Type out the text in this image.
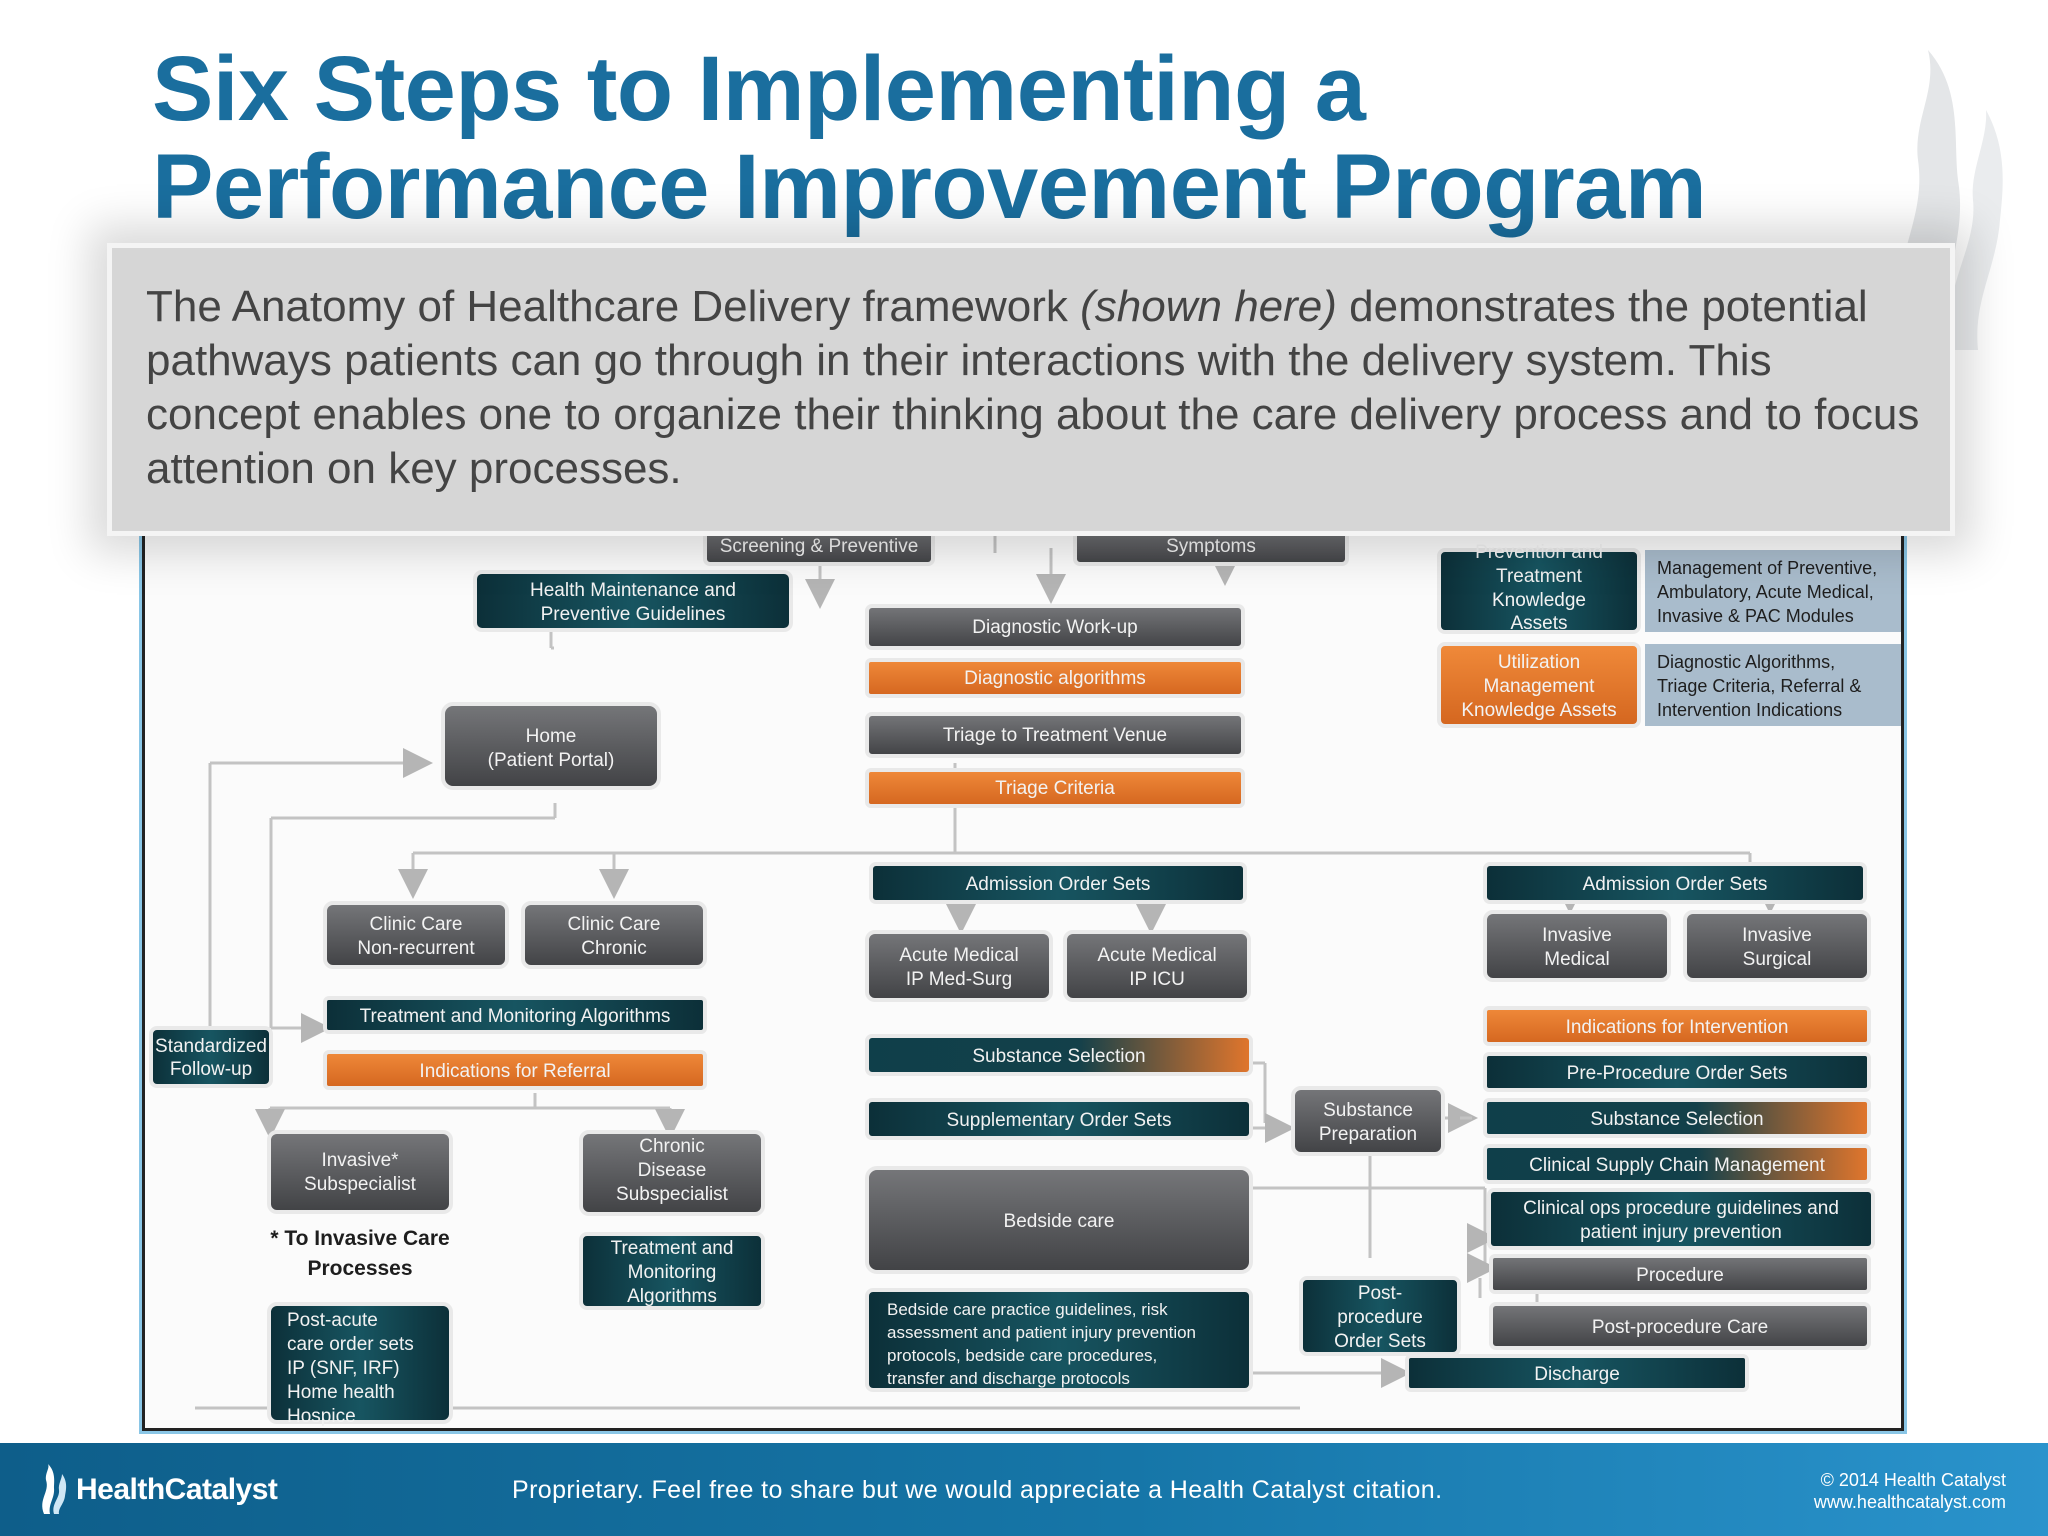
Six Steps to Implementing a
Performance Improvement Program
Screening & Preventive	Symptoms
Health Maintenance and
Preventive Guidelines
Home
(Patient Portal)
Diagnostic Work-up
Diagnostic algorithms
Triage to Treatment Venue
Triage Criteria
Admission Order Sets
Acute Medical
IP Med-Surg
Acute Medical
IP ICU
Substance Selection
Supplementary Order Sets
Bedside care
Bedside care practice guidelines, risk
assessment and patient injury prevention
protocols, bedside care procedures,
transfer and discharge protocols
Prevention and
Treatment
Knowledge
Assets
Management of Preventive,
Ambulatory, Acute Medical,
Invasive & PAC Modules
Utilization
Management
Knowledge Assets
Diagnostic Algorithms,
Triage Criteria, Referral &
Intervention Indications
Admission Order Sets
Invasive
Medical
Invasive
Surgical
Indications for Intervention
Pre-Procedure Order Sets
Substance Selection
Clinical Supply Chain Management
Clinical ops procedure guidelines and
patient injury prevention
Procedure
Post-procedure Care
Substance
Preparation
Post-
procedure
Order Sets
Discharge
Clinic Care
Non-recurrent
Clinic Care
Chronic
Treatment and Monitoring Algorithms
Indications for Referral
Standardized
Follow-up
Invasive*
Subspecialist
Chronic
Disease
Subspecialist
* To Invasive Care
Processes
Treatment and
Monitoring
Algorithms
Post-acute
care order sets
IP (SNF, IRF)
Home health
Hospice

The Anatomy of Healthcare Delivery framework (shown here) demonstrates the potential pathways patients can go through in their interactions with the delivery system. This concept enables one to organize their thinking about the care delivery process and to focus attention on key processes.

HealthCatalyst	Proprietary. Feel free to share but we would appreciate a Health Catalyst citation.	© 2014 Health Catalyst
www.healthcatalyst.com
